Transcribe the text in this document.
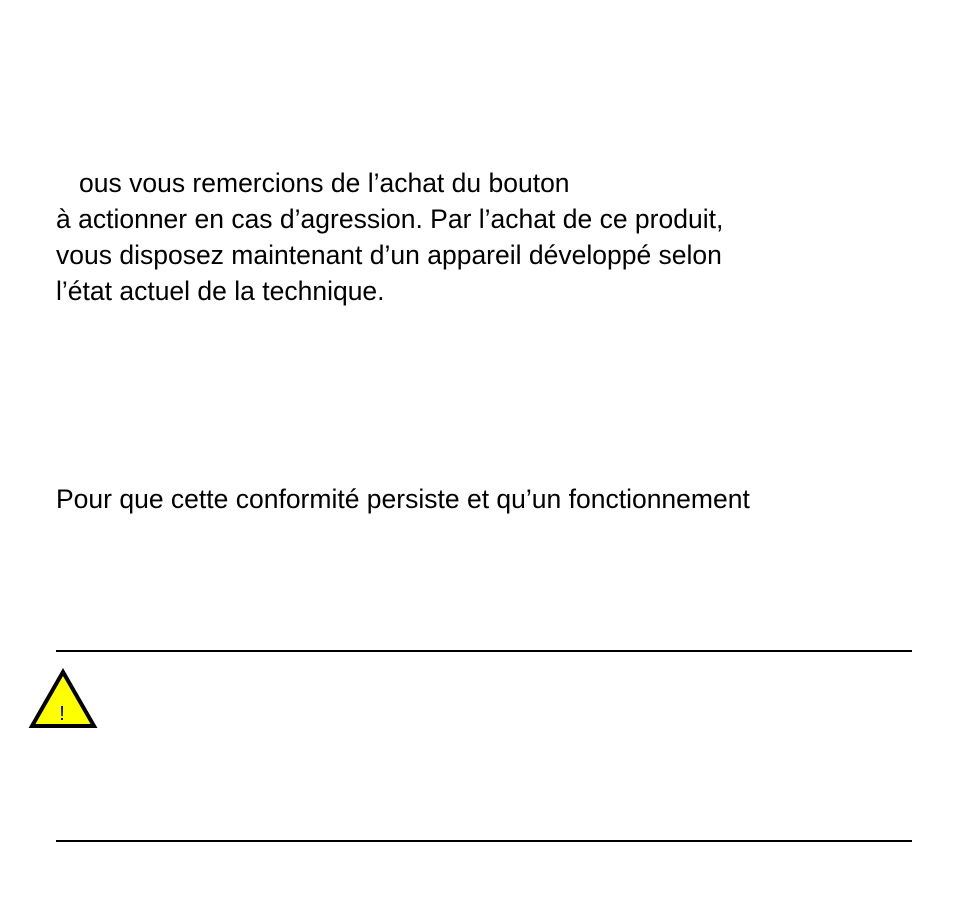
ous vous remercions de l’achat du bouton
à actionner en cas d’agression. Par l’achat de ce produit,
vous disposez maintenant d’un appareil développé selon
l’état actuel de la technique.

Pour que cette conformité persiste et qu’un fonctionnement

!
